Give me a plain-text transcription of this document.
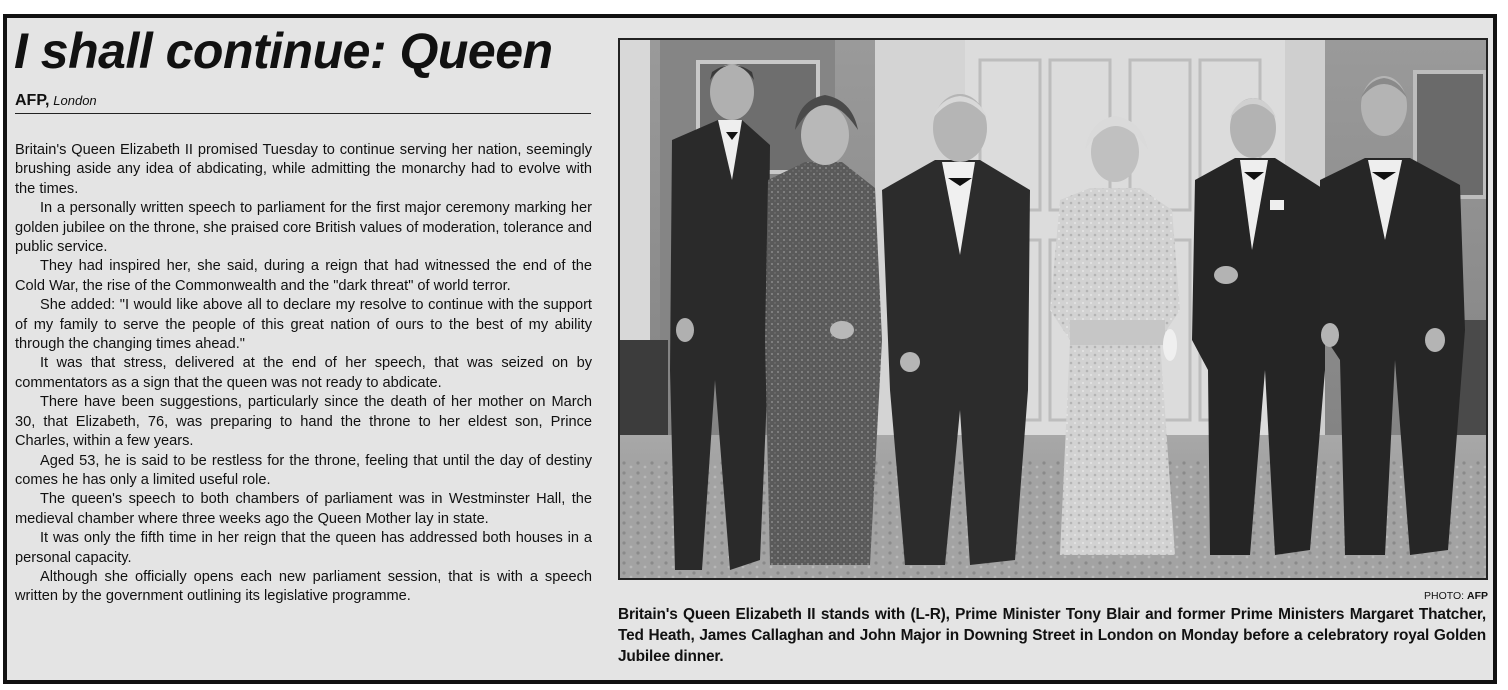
I shall continue: Queen
AFP, London

Britain's Queen Elizabeth II promised Tuesday to continue serving her nation, seemingly brushing aside any idea of abdicating, while admitting the monarchy had to evolve with the times.

In a personally written speech to parliament for the first major ceremony marking her golden jubilee on the throne, she praised core British values of moderation, tolerance and public service.

They had inspired her, she said, during a reign that had witnessed the end of the Cold War, the rise of the Commonwealth and the "dark threat" of world terror.

She added: "I would like above all to declare my resolve to continue with the support of my family to serve the people of this great nation of ours to the best of my ability through the changing times ahead."

It was that stress, delivered at the end of her speech, that was seized on by commentators as a sign that the queen was not ready to abdicate.

There have been suggestions, particularly since the death of her mother on March 30, that Elizabeth, 76, was preparing to hand the throne to her eldest son, Prince Charles, within a few years.

Aged 53, he is said to be restless for the throne, feeling that until the day of destiny comes he has only a limited useful role.

The queen's speech to both chambers of parliament was in Westminster Hall, the medieval chamber where three weeks ago the Queen Mother lay in state.

It was only the fifth time in her reign that the queen has addressed both houses in a personal capacity.

Although she officially opens each new parliament session, that is with a speech written by the government outlining its legislative programme.	PHOTO: AFP
Britain's Queen Elizabeth II stands with (L-R), Prime Minister Tony Blair and former Prime Ministers Margaret Thatcher, Ted Heath, James Callaghan and John Major in Downing Street in London on Monday before a celebratory royal Golden Jubilee dinner.
